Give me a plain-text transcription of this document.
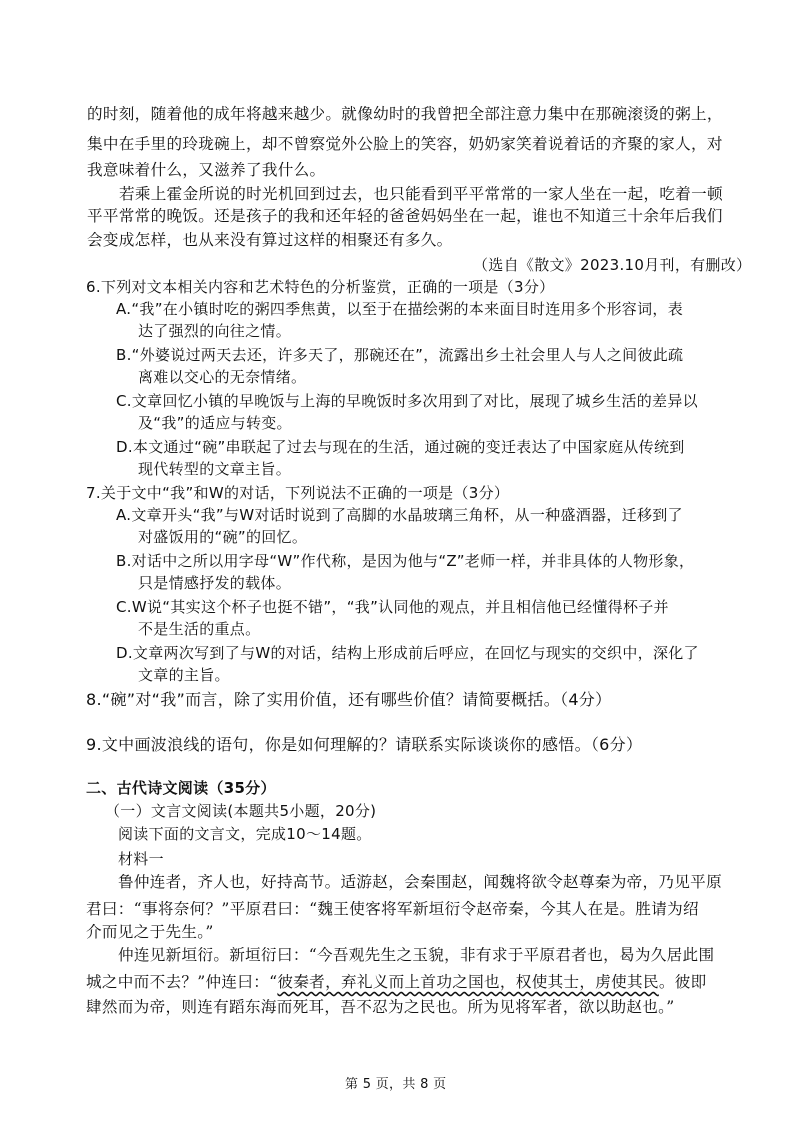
的时刻，随着他的成年将越来越少。就像幼时的我曾把全部注意力集中在那碗滚烫的粥上，
集中在手里的玲珑碗上，却不曾察觉外公脸上的笑容，奶奶家笑着说着话的齐聚的家人，对
我意味着什么，又滋养了我什么。
若乘上霍金所说的时光机回到过去，也只能看到平平常常的一家人坐在一起，吃着一顿
平平常常的晚饭。还是孩子的我和还年轻的爸爸妈妈坐在一起，谁也不知道三十余年后我们
会变成怎样，也从来没有算过这样的相聚还有多久。
（选自《散文》2023.10月刊，有删改）
6.下列对文本相关内容和艺术特色的分析鉴赏，正确的一项是（3分）
A.“我”在小镇时吃的粥四季焦黄，以至于在描绘粥的本来面目时连用多个形容词，表
达了强烈的向往之情。
B.“外婆说过两天去还，许多天了，那碗还在”，流露出乡土社会里人与人之间彼此疏
离难以交心的无奈情绪。
C.文章回忆小镇的早晚饭与上海的早晚饭时多次用到了对比，展现了城乡生活的差异以
及“我”的适应与转变。
D.本文通过“碗”串联起了过去与现在的生活，通过碗的变迁表达了中国家庭从传统到
现代转型的文章主旨。
7.关于文中“我”和W的对话，下列说法不正确的一项是（3分）
A.文章开头“我”与W对话时说到了高脚的水晶玻璃三角杯，从一种盛酒器，迁移到了
对盛饭用的“碗”的回忆。
B.对话中之所以用字母“W”作代称，是因为他与“Z”老师一样，并非具体的人物形象，
只是情感抒发的载体。
C.W说“其实这个杯子也挺不错”，“我”认同他的观点，并且相信他已经懂得杯子并
不是生活的重点。
D.文章两次写到了与W的对话，结构上形成前后呼应，在回忆与现实的交织中，深化了
文章的主旨。
8.“碗”对“我”而言，除了实用价值，还有哪些价值？请简要概括。（4分）
9.文中画波浪线的语句，你是如何理解的？请联系实际谈谈你的感悟。（6分）
二、古代诗文阅读（35分）
（一）文言文阅读(本题共5小题，20分)
阅读下面的文言文，完成10～14题。
材料一
鲁仲连者，齐人也，好持高节。适游赵，会秦围赵，闻魏将欲令赵尊秦为帝，乃见平原
君曰：“事将奈何？”平原君曰：“魏王使客将军新垣衍令赵帝秦，今其人在是。胜请为绍
介而见之于先生。”
仲连见新垣衍。新垣衍曰：“今吾观先生之玉貌，非有求于平原君者也，曷为久居此围
城之中而不去？”仲连曰：“彼秦者，弃礼义而上首功之国也，权使其士，虏使其民。彼即
肆然而为帝，则连有蹈东海而死耳，吾不忍为之民也。所为见将军者，欲以助赵也。”
第 5 页，共 8 页
